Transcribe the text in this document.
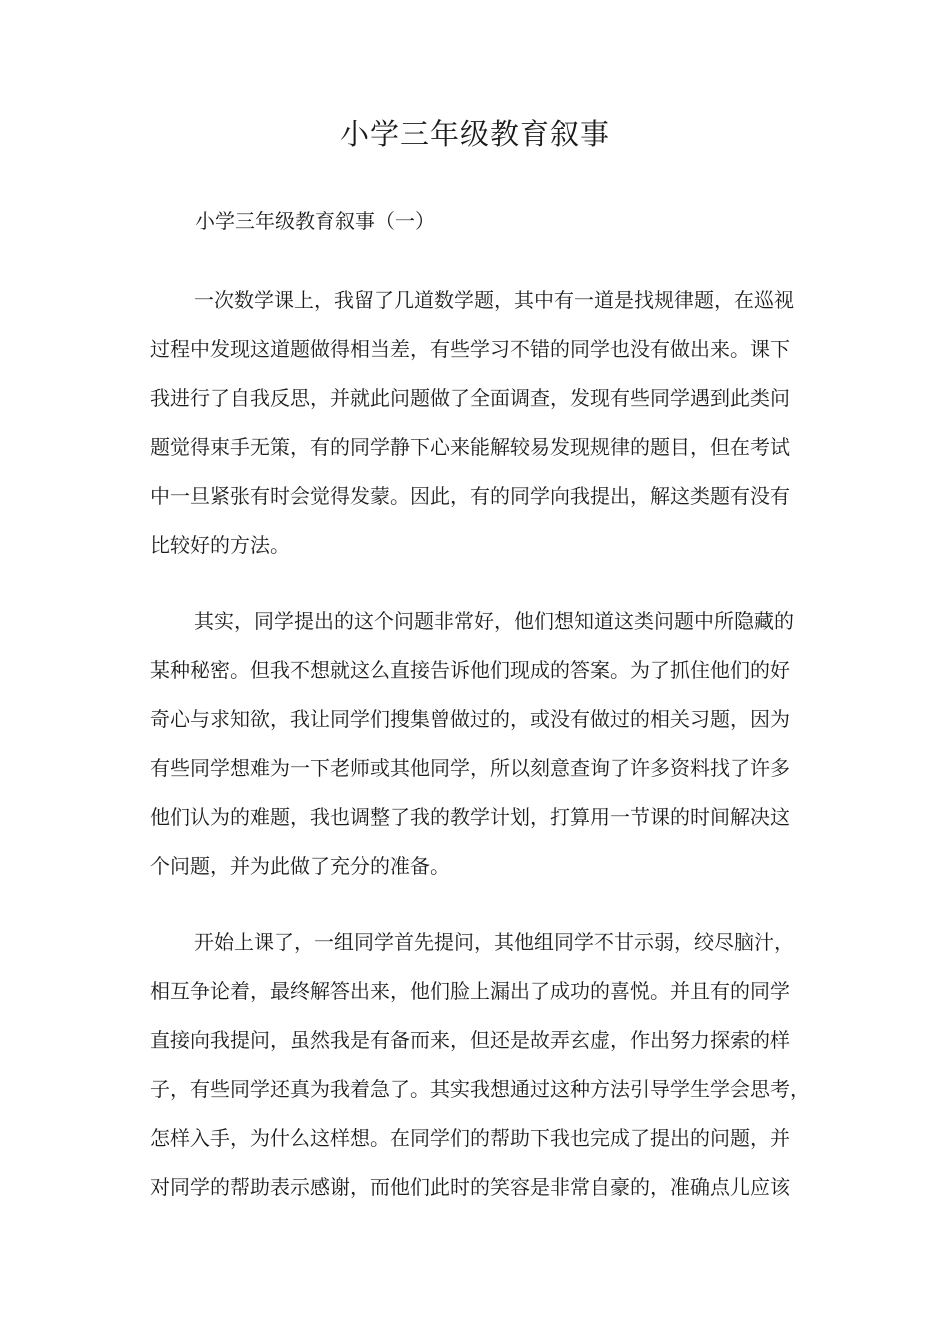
小学三年级教育叙事
小学三年级教育叙事（一）
一次数学课上，我留了几道数学题，其中有一道是找规律题，在巡视
过程中发现这道题做得相当差，有些学习不错的同学也没有做出来。课下
我进行了自我反思，并就此问题做了全面调查，发现有些同学遇到此类问
题觉得束手无策，有的同学静下心来能解较易发现规律的题目，但在考试
中一旦紧张有时会觉得发蒙。因此，有的同学向我提出，解这类题有没有
比较好的方法。
其实，同学提出的这个问题非常好，他们想知道这类问题中所隐藏的
某种秘密。但我不想就这么直接告诉他们现成的答案。为了抓住他们的好
奇心与求知欲，我让同学们搜集曾做过的，或没有做过的相关习题，因为
有些同学想难为一下老师或其他同学，所以刻意查询了许多资料找了许多
他们认为的难题，我也调整了我的教学计划，打算用一节课的时间解决这
个问题，并为此做了充分的准备。
开始上课了，一组同学首先提问，其他组同学不甘示弱，绞尽脑汁，
相互争论着，最终解答出来，他们脸上漏出了成功的喜悦。并且有的同学
直接向我提问，虽然我是有备而来，但还是故弄玄虚，作出努力探索的样
子，有些同学还真为我着急了。其实我想通过这种方法引导学生学会思考，
怎样入手，为什么这样想。在同学们的帮助下我也完成了提出的问题，并
对同学的帮助表示感谢，而他们此时的笑容是非常自豪的，准确点儿应该
